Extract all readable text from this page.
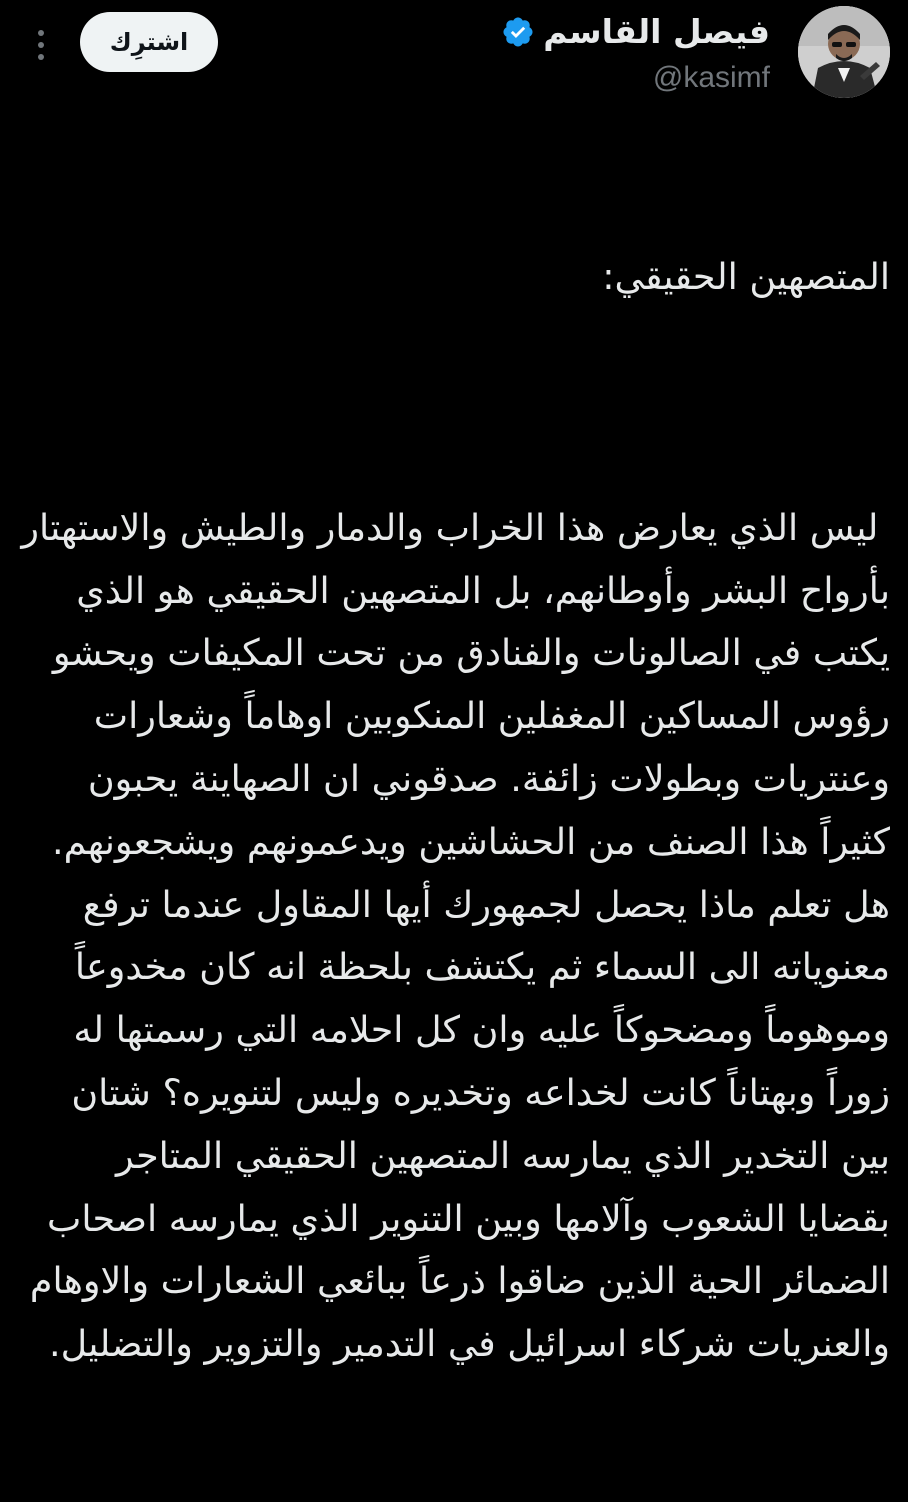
فيصل القاسم
@kasimf
اشترِك

المتصهين الحقيقي:

ليس الذي يعارض هذا الخراب والدمار والطيش والاستهتار بأرواح البشر وأوطانهم، بل المتصهين الحقيقي هو الذي يكتب في الصالونات والفنادق من تحت المكيفات ويحشو رؤوس المساكين المغفلين المنكوبين اوهاماً وشعارات وعنتريات وبطولات زائفة. صدقوني ان الصهاينة يحبون كثيراً هذا الصنف من الحشاشين ويدعمونهم ويشجعونهم. هل تعلم ماذا يحصل لجمهورك أيها المقاول عندما ترفع معنوياته الى السماء ثم يكتشف بلحظة انه كان مخدوعاً وموهوماً ومضحوكاً عليه وان كل احلامه التي رسمتها له زوراً وبهتاناً كانت لخداعه وتخديره وليس لتنويره؟ شتان بين التخدير الذي يمارسه المتصهين الحقيقي المتاجر بقضايا الشعوب وآلامها وبين التنوير الذي يمارسه اصحاب الضمائر الحية الذين ضاقوا ذرعاً ببائعي الشعارات والاوهام والعنريات شركاء اسرائيل في التدمير والتزوير والتضليل.
